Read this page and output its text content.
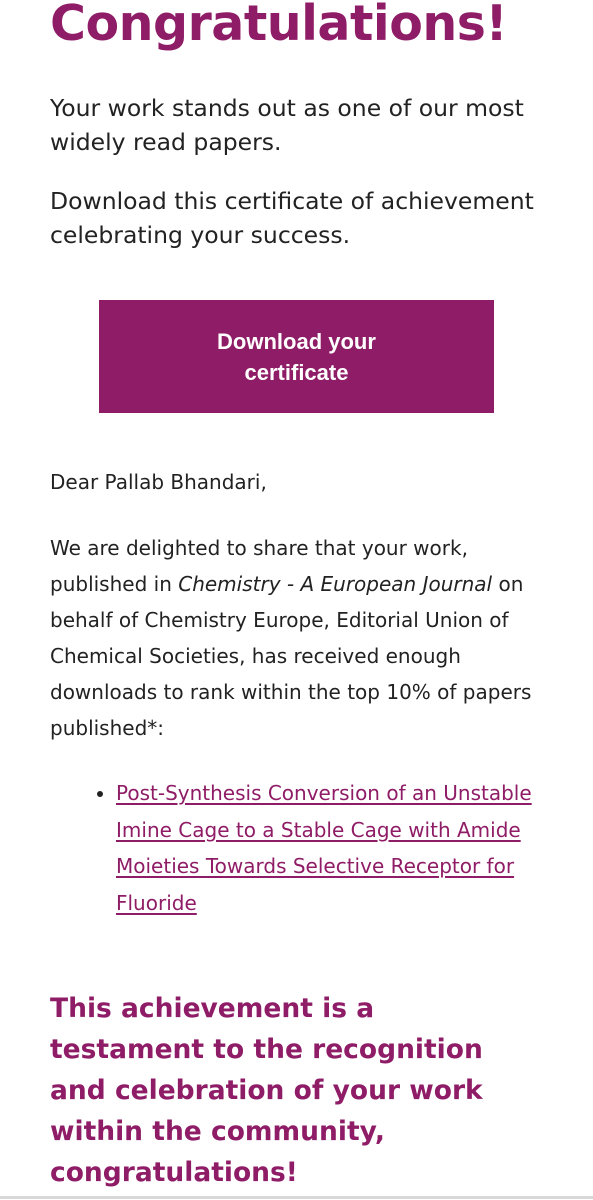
Congratulations!

Your work stands out as one of our most widely read papers.

Download this certificate of achievement celebrating your success.

Download your certificate

Dear Pallab Bhandari,

We are delighted to share that your work, published in Chemistry - A European Journal on behalf of Chemistry Europe, Editorial Union of Chemical Societies, has received enough downloads to rank within the top 10% of papers published*:

• Post-Synthesis Conversion of an Unstable Imine Cage to a Stable Cage with Amide Moieties Towards Selective Receptor for Fluoride

This achievement is a testament to the recognition and celebration of your work within the community, congratulations!
